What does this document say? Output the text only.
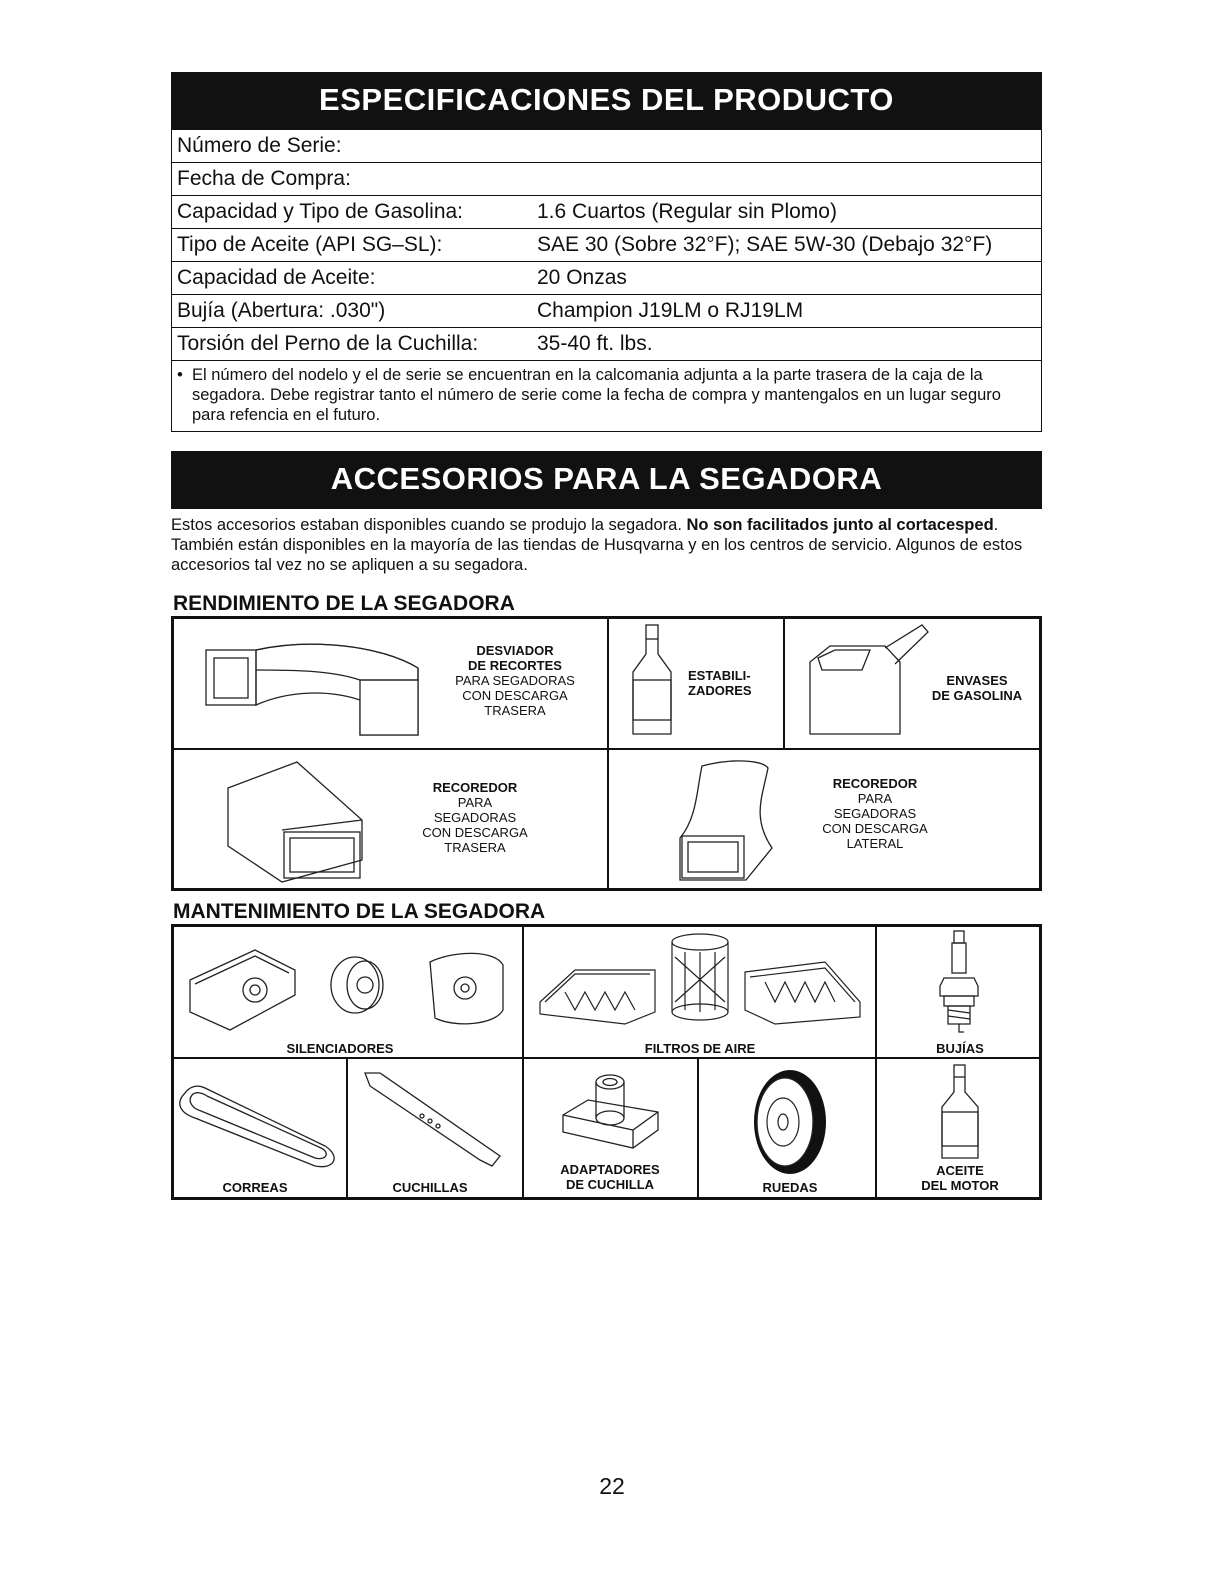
ESPECIFICACIONES DEL PRODUCTO
Número de Serie:
Fecha de Compra:
Capacidad y Tipo de Gasolina:	1.6 Cuartos (Regular sin Plomo)
Tipo de Aceite (API SG–SL):	SAE 30 (Sobre 32°F); SAE 5W-30 (Debajo 32°F)
Capacidad de Aceite:	20 Onzas
Bujía (Abertura: .030")	Champion J19LM o RJ19LM
Torsión del Perno de la Cuchilla:	35-40 ft. lbs.
• El número del nodelo y el de serie se encuentran en la calcomania adjunta a la parte trasera de la caja de la segadora. Debe registrar tanto el número de serie come la fecha de compra y mantengalos en un lugar seguro para refencia en el futuro.
ACCESORIOS PARA LA SEGADORA
Estos accesorios estaban disponibles cuando se produjo la segadora. No son facilitados junto al cortacesped. También están disponibles en la mayoría de las tiendas de Husqvarna y en los centros de servicio. Algunos de estos accesorios tal vez no se apliquen a su segadora.
RENDIMIENTO DE LA SEGADORA
DESVIADOR
DE RECORTES
PARA SEGADORAS
CON DESCARGA
TRASERA
ESTABILI-
ZADORES
ENVASES
DE GASOLINA
RECOREDOR
PARA
SEGADORAS
CON DESCARGA
TRASERA
RECOREDOR
PARA
SEGADORAS
CON DESCARGA
LATERAL
MANTENIMIENTO DE LA SEGADORA
SILENCIADORES	FILTROS DE AIRE	BUJÍAS
CORREAS	CUCHILLAS
ADAPTADORES
DE CUCHILLA	RUEDAS
ACEITE
DEL MOTOR
22
